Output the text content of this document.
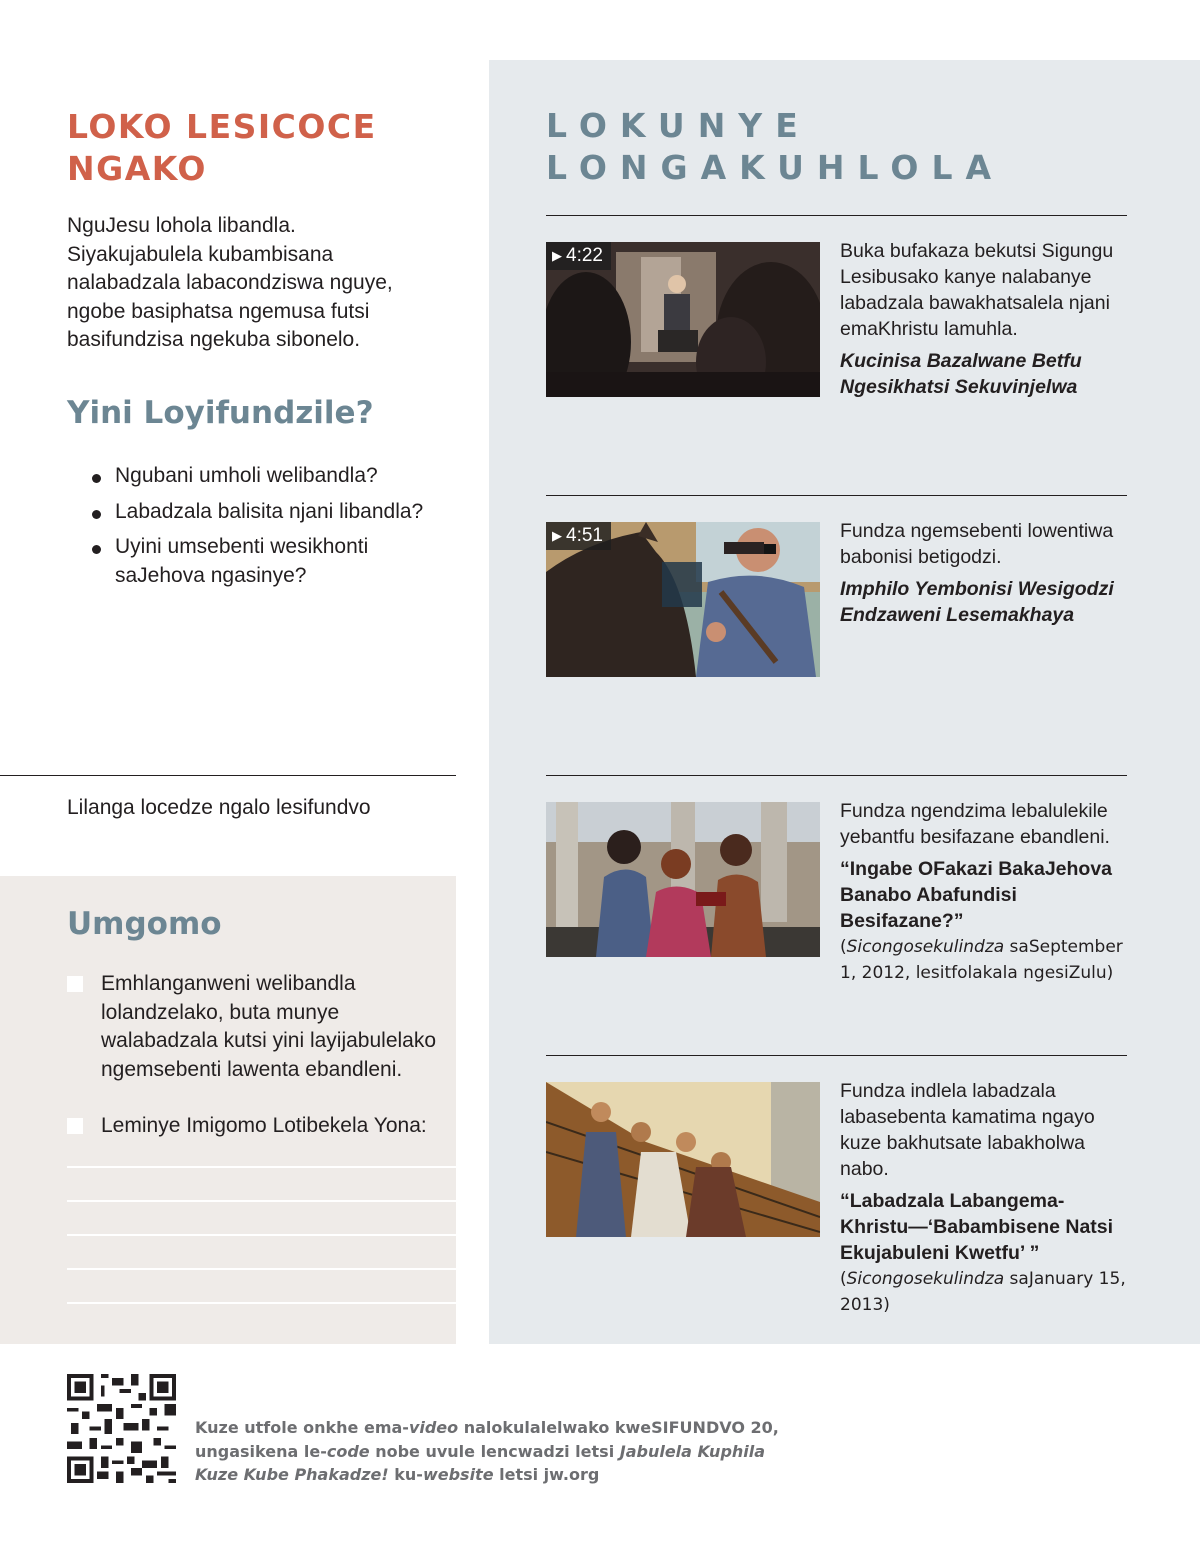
LOKO LESICOCE
NGAKO

NguJesu lohola libandla. Siyakujabulela kubambisana nalabadzala labacondziswa nguye, ngobe basiphatsa ngemusa futsi basifundzisa ngekuba sibonelo.

Yini Loyifundzile?
Ngubani umholi welibandla?
Labadzala balisita njani libandla?
Uyini umsebenti wesikhonti saJehova ngasinye?
Lilanga locedze ngalo lesifundvo
Umgomo
Emhlanganweni welibandla lolandzelako, buta munye walabadzala kutsi yini layijabulelako ngemsebenti lawenta ebandleni.
Leminye Imigomo Lotibekela Yona:
LOKUNYE
LONGAKUHLOLA
▶ 4:22	Buka bufakaza bekutsi Sigungu Lesibusako kanye nalabanye labadzala bawakhatsalela njani emaKhristu lamuhla.
Kucinisa Bazalwane Betfu Ngesikhatsi Sekuvinjelwa
▶ 4:51	Fundza ngemsebenti lowentiwa babonisi betigodzi.
Imphilo Yembonisi Wesigodzi Endzaweni Lesemakhaya
Fundza ngendzima lebalulekile yebantfu besifazane ebandleni.
“Ingabe OFakazi BakaJehova Banabo Abafundisi Besifazane?”
(Sicongosekulindza saSeptember 1, 2012, lesitfolakala ngesiZulu)
Fundza indlela labadzala labasebenta kamatima ngayo kuze bakhutsate labakholwa nabo.
“Labadzala Labangema-Khristu—‘Babambisene Natsi Ekujabuleni Kwetfu’ ”
(Sicongosekulindza saJanuary 15, 2013)

Kuze utfole onkhe ema-video nalokulalelwako kweSIFUNDVO 20, ungasikena le-code nobe uvule lencwadzi letsi Jabulela Kuphila Kuze Kube Phakadze! ku-website letsi jw.org
